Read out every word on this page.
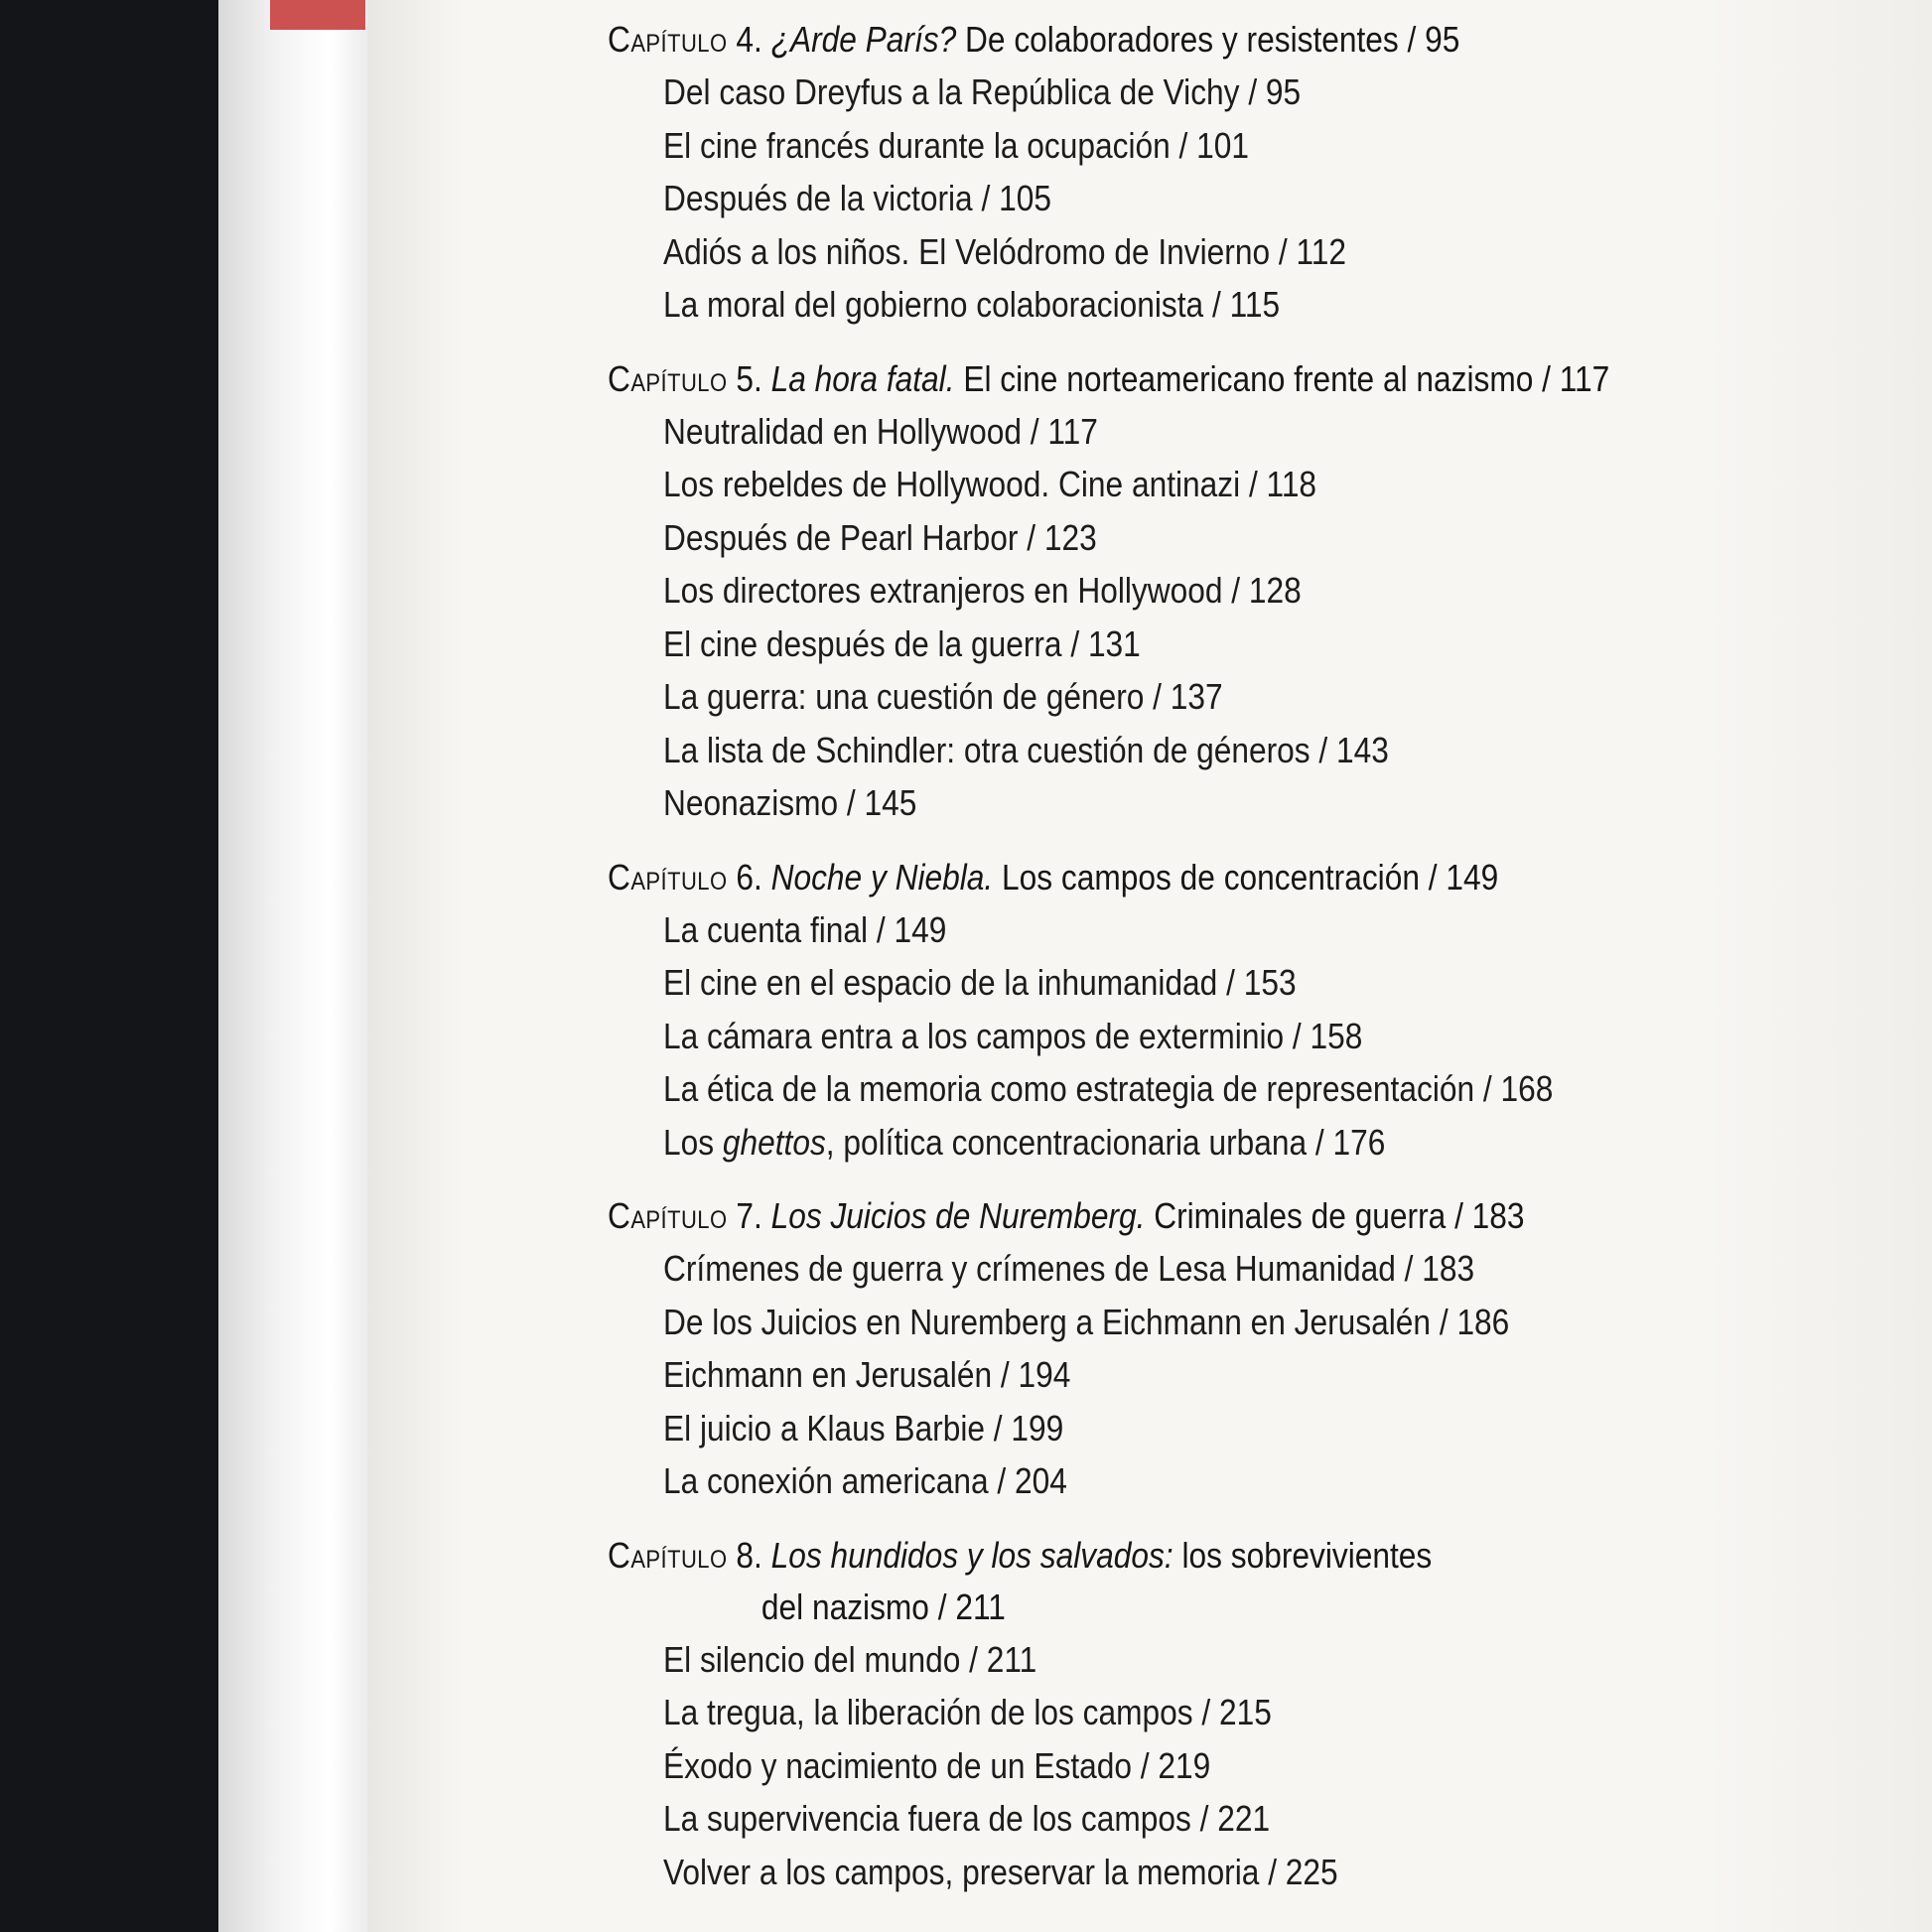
Capítulo 4. ¿Arde París? De colaboradores y resistentes / 95
Del caso Dreyfus a la República de Vichy / 95
El cine francés durante la ocupación / 101
Después de la victoria / 105
Adiós a los niños. El Velódromo de Invierno / 112
La moral del gobierno colaboracionista / 115
Capítulo 5. La hora fatal. El cine norteamericano frente al nazismo / 117
Neutralidad en Hollywood / 117
Los rebeldes de Hollywood. Cine antinazi / 118
Después de Pearl Harbor / 123
Los directores extranjeros en Hollywood / 128
El cine después de la guerra / 131
La guerra: una cuestión de género / 137
La lista de Schindler: otra cuestión de géneros / 143
Neonazismo / 145
Capítulo 6. Noche y Niebla. Los campos de concentración / 149
La cuenta final / 149
El cine en el espacio de la inhumanidad / 153
La cámara entra a los campos de exterminio / 158
La ética de la memoria como estrategia de representación / 168
Los ghettos, política concentracionaria urbana / 176
Capítulo 7. Los Juicios de Nuremberg. Criminales de guerra / 183
Crímenes de guerra y crímenes de Lesa Humanidad / 183
De los Juicios en Nuremberg a Eichmann en Jerusalén / 186
Eichmann en Jerusalén / 194
El juicio a Klaus Barbie / 199
La conexión americana / 204
Capítulo 8. Los hundidos y los salvados: los sobrevivientes
del nazismo / 211
El silencio del mundo / 211
La tregua, la liberación de los campos / 215
Éxodo y nacimiento de un Estado / 219
La supervivencia fuera de los campos / 221
Volver a los campos, preservar la memoria / 225
